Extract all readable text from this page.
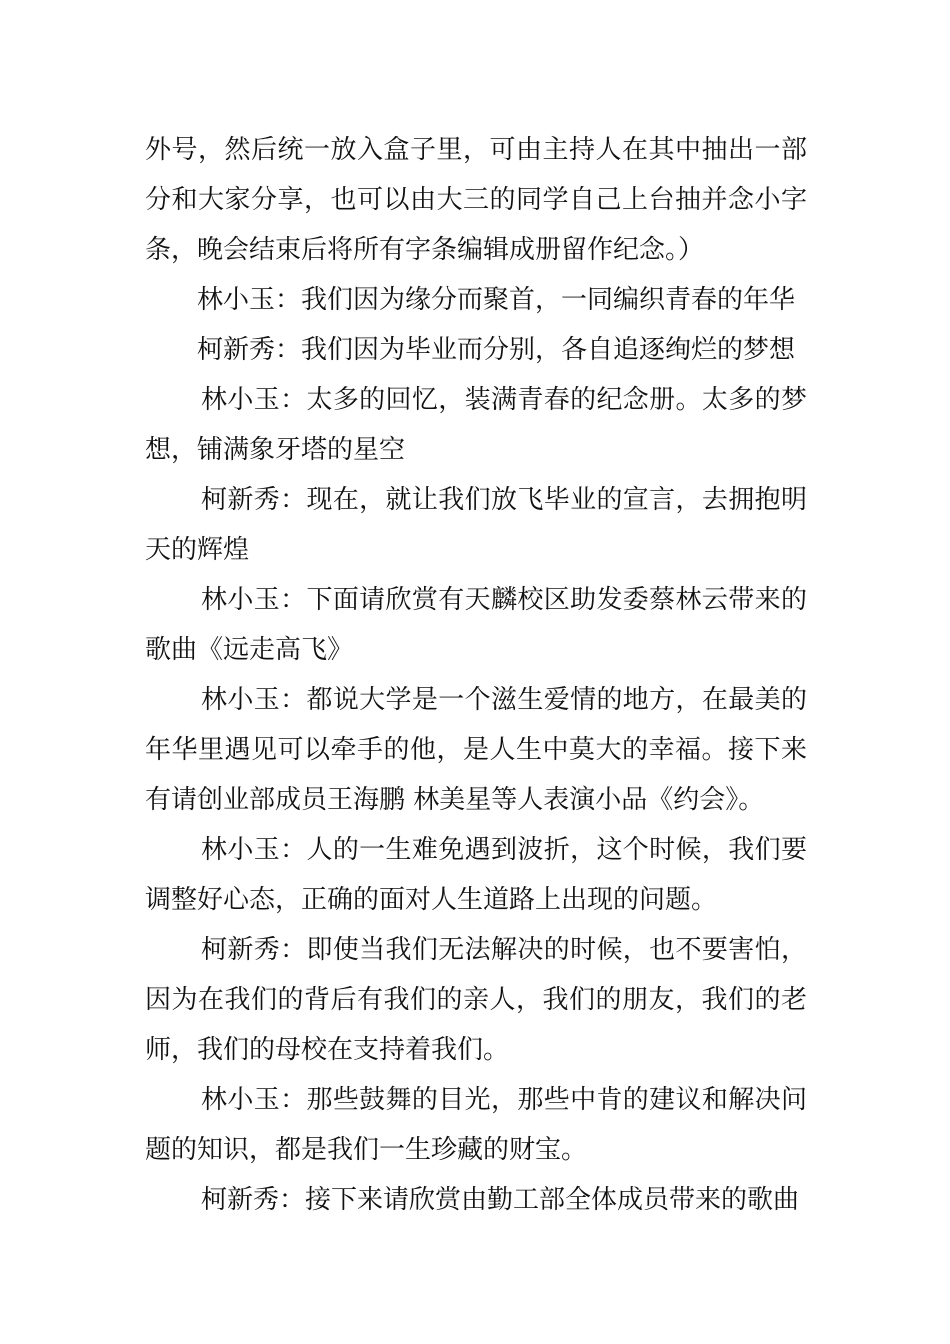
外号，然后统一放入盒子里，可由主持人在其中抽出一部分和大家分享，也可以由大三的同学自己上台抽并念小字条，晚会结束后将所有字条编辑成册留作纪念。）

林小玉：我们因为缘分而聚首，一同编织青春的年华

柯新秀：我们因为毕业而分别，各自追逐绚烂的梦想

林小玉：太多的回忆，装满青春的纪念册。太多的梦想，铺满象牙塔的星空

柯新秀：现在，就让我们放飞毕业的宣言，去拥抱明天的辉煌

林小玉：下面请欣赏有天麟校区助发委蔡林云带来的歌曲《远走高飞》

林小玉：都说大学是一个滋生爱情的地方，在最美的年华里遇见可以牵手的他，是人生中莫大的幸福。接下来有请创业部成员王海鹏 林美星等人表演小品《约会》。

林小玉：人的一生难免遇到波折，这个时候，我们要调整好心态，正确的面对人生道路上出现的问题。

柯新秀：即使当我们无法解决的时候，也不要害怕，因为在我们的背后有我们的亲人，我们的朋友，我们的老师，我们的母校在支持着我们。

林小玉：那些鼓舞的目光，那些中肯的建议和解决问题的知识，都是我们一生珍藏的财宝。

柯新秀：接下来请欣赏由勤工部全体成员带来的歌曲
